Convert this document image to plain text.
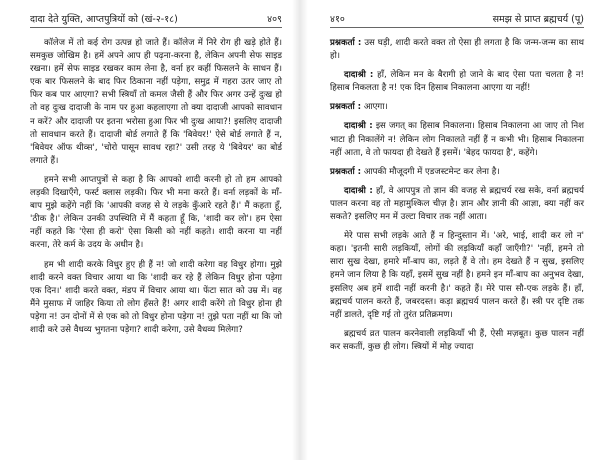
दादा देते युक्ति, आप्तपुत्रियों को (खं-२-१८)	४०९

कॉलेज में तो कई रोग उत्पन्न हो जाते हैं। कॉलेज में निरे रोग ही खड़े होते हैं। समकुछ जोखिम है। हमें अपने आप ही पढ़ना-करना है, लेकिन अपनी सेफ साइड रखना। हमें सेफ साइड रखकर काम लेना है, वर्ना हर कहीं फिसलने के साधन हैं। एक बार फिसलने के बाद फिर ठिकाना नहीं पड़ेगा, समुद्र में गहरा उतर जाए तो फिर कब पार आएगा? सभी स्त्रियाँ तो कमल जैसी हैं और फिर अगर उन्हें दुःख हो तो वह दुःख दादाजी के नाम पर हुआ कहलाएगा तो क्या दादाजी आपको सावधान न करें? और दादाजी पर इतना भरोसा हुआ फिर भी दुःख आया?! इसलिए दादाजी तो सावधान करते हैं। दादाजी बोर्ड लगाते हैं कि 'बिवेयर!' ऐसे बोर्ड लगाते हैं न, 'बिवेयर ऑफ थीव्स', 'चोरो पासून सावध रहा?' उसी तरह ये 'बिवेयर' का बोर्ड लगाते हैं।

हमने सभी आप्तपुत्रों से कहा है कि आपको शादी करनी हो तो हम आपको लड़की दिखाएँगे, फर्स्ट क्लास लड़की। फिर भी मना करते हैं। वर्ना लड़कों के माँ-बाप मुझे कहेंगे नहीं कि 'आपकी वजह से ये लड़के कुँआरे रहते हैं।' मैं कहता हूँ, 'ठीक है।' लेकिन उनकी उपस्थिति में मैं कहता हूँ कि, 'शादी कर लो'। हम ऐसा नहीं कहते कि 'ऐसा ही करो' ऐसा किसी को नहीं कहते। शादी करना या नहीं करना, तेरे कर्म के उदय के अधीन है।

हम भी शादी करके विधुर हुए ही हैं न! जो शादी करेगा वह विधुर होगा। मुझे शादी करने वक्त विचार आया था कि 'शादी कर रहे हैं लेकिन विधुर होना पड़ेगा एक दिन।' शादी करते वक्त, मंडप में विचार आया था। फेंटा सात को उम्र में। वह मैंने मुसाफ में जाहिर किया तो लोग हँसते हैं! अगर शादी करेंगे तो विधुर होना ही पड़ेगा न! उन दोनों में से एक को तो विधुर होना पड़ेगा न! तुझे पता नहीं था कि जो शादी करे उसे वैधव्य भुगतना पड़ेगा? शादी करेगा, उसे वैधव्य मिलेगा?

४१०	समझ से प्राप्त ब्रह्मचर्य (पू)

प्रश्नकर्ता : उस घड़ी, शादी करते वक्त तो ऐसा ही लगता है कि जन्म-जन्म का साथ हो।

दादाश्री : हाँ, लेकिन मन के बैरागी हो जाने के बाद ऐसा पता चलता है न! हिसाब निकलता है न! एक दिन हिसाब निकालना आएगा या नहीं!

प्रश्नकर्ता : आएगा।

दादाश्री : इस जगत् का हिसाब निकालना। हिसाब निकालना आ जाए तो निश भाटा ही निकालेंगे न! लेकिन लोग निकालते नहीं हैं न कभी भी। हिसाब निकालना नहीं आता, वे तो फायदा ही देखते हैं इसमें। 'बेहद फायदा है', कहेंगे।

प्रश्नकर्ता : आपकी मौजूदगी में एडजस्टमेन्ट कर लेना है।

दादाश्री : हाँ, वे आपपुत्र तो ज्ञान की वजह से ब्रह्मचर्य रख सके, वर्ना ब्रह्मचर्य पालन करना वह तो महामुश्किल चीज़ है। ज्ञान और ज्ञानी की आज्ञा, क्या नहीं कर सकते? इसलिए मन में उल्टा विचार तक नहीं आता।

मेरे पास सभी लड़के आते हैं न हिन्दुस्तान में। 'अरे, भाई, शादी कर लो न' कहा। 'इतनी सारी लड़कियाँ, लोगों की लड़कियाँ कहाँ जाएँगी?' 'नहीं, हमने तो सारा सुख देखा, हमारे माँ-बाप का, लड़ते हैं वे तो। हम देखते हैं न सुख, इसलिए हमने जान लिया है कि यहाँ, इसमें सुख नहीं है। हमने इन माँ-बाप का अनुभव देखा, इसलिए अब हमें शादी नहीं करनी है।' कहते हैं। मेरे पास सौ-एक लड़के हैं। हाँ, ब्रह्मचर्य पालन करते हैं, जबरदस्त। कड़ा ब्रह्मचर्य पालन करते हैं। स्त्री पर दृष्टि तक नहीं डालते, दृष्टि गई तो तुरंत प्रतिक्रमण।

ब्रह्मचर्य व्रत पालन करनेवाली लड़कियाँ भी हैं, ऐसी मज़बूत। कुछ पालन नहीं कर सकतीं, कुछ ही लोग। स्त्रियों में मोह ज्यादा
